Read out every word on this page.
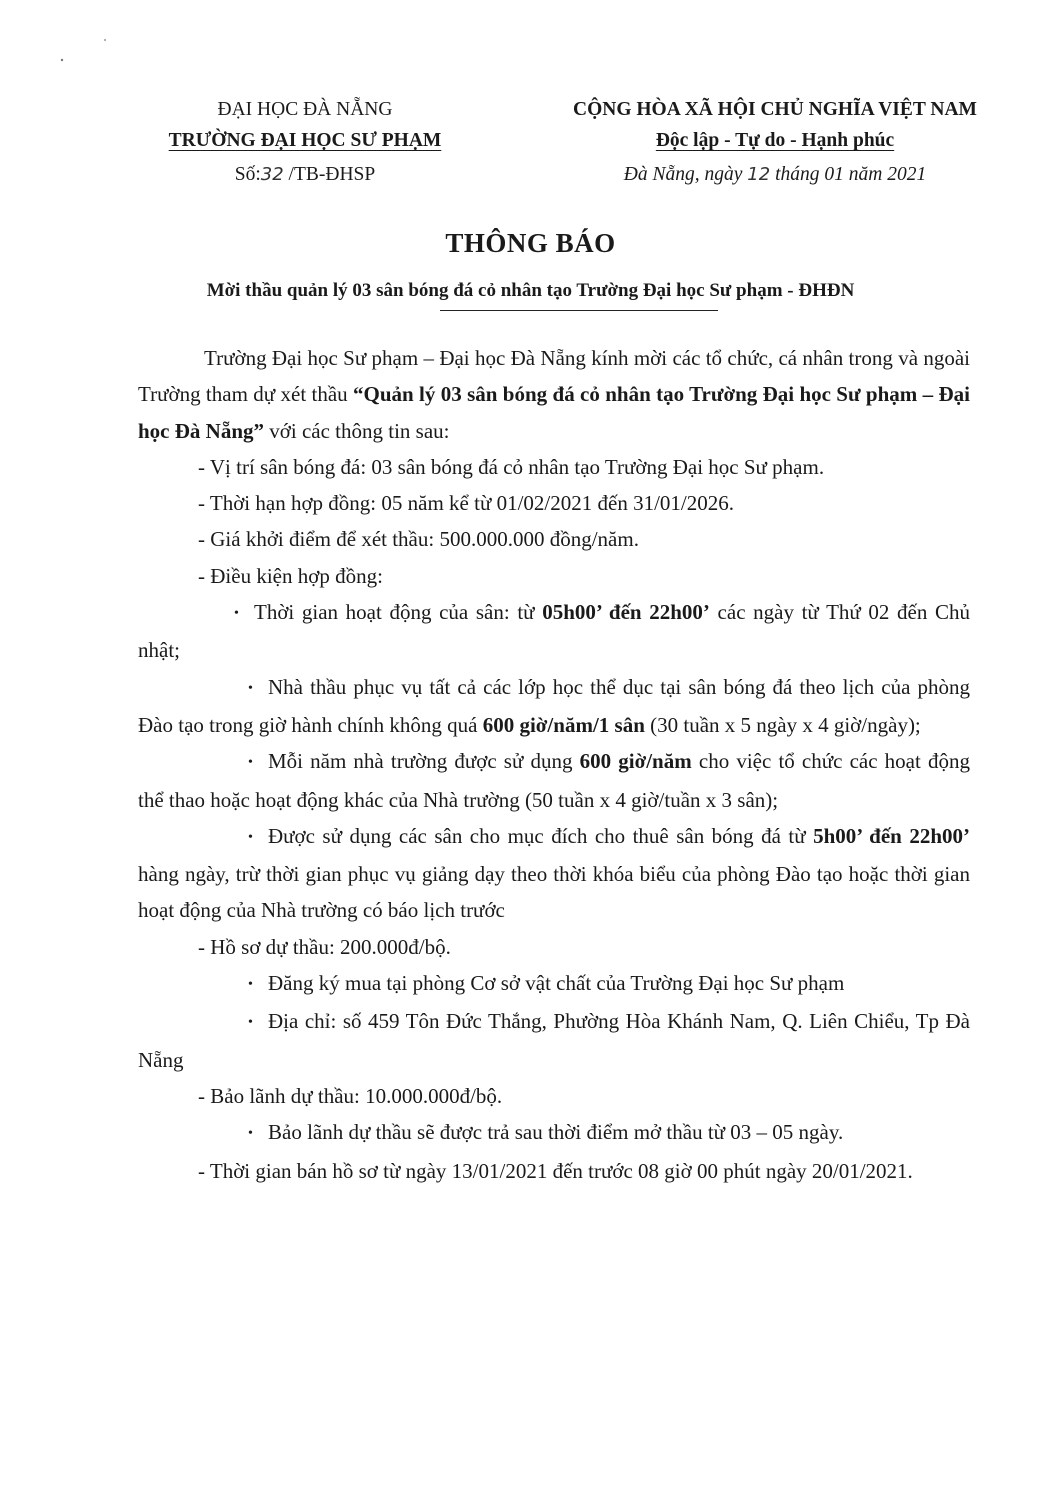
ĐẠI HỌC ĐÀ NẴNG
TRƯỜNG ĐẠI HỌC SƯ PHẠM
Số:32 /TB-ĐHSP
CỘNG HÒA XÃ HỘI CHỦ NGHĨA VIỆT NAM
Độc lập - Tự do - Hạnh phúc
Đà Nẵng, ngày 12 tháng 01 năm 2021
THÔNG BÁO
Mời thầu quản lý 03 sân bóng đá cỏ nhân tạo Trường Đại học Sư phạm - ĐHĐN

Trường Đại học Sư phạm – Đại học Đà Nẵng kính mời các tổ chức, cá nhân trong và ngoài Trường tham dự xét thầu “Quản lý 03 sân bóng đá cỏ nhân tạo Trường Đại học Sư phạm – Đại học Đà Nẵng” với các thông tin sau:

- Vị trí sân bóng đá: 03 sân bóng đá cỏ nhân tạo Trường Đại học Sư phạm.

- Thời hạn hợp đồng: 05 năm kể từ 01/02/2021 đến 31/01/2026.

- Giá khởi điểm để xét thầu: 500.000.000 đồng/năm.

- Điều kiện hợp đồng:

• Thời gian hoạt động của sân: từ 05h00’ đến 22h00’ các ngày từ Thứ 02 đến Chủ nhật;

• Nhà thầu phục vụ tất cả các lớp học thể dục tại sân bóng đá theo lịch của phòng Đào tạo trong giờ hành chính không quá 600 giờ/năm/1 sân (30 tuần x 5 ngày x 4 giờ/ngày);

• Mỗi năm nhà trường được sử dụng 600 giờ/năm cho việc tổ chức các hoạt động thể thao hoặc hoạt động khác của Nhà trường (50 tuần x 4 giờ/tuần x 3 sân);

• Được sử dụng các sân cho mục đích cho thuê sân bóng đá từ 5h00’ đến 22h00’ hàng ngày, trừ thời gian phục vụ giảng dạy theo thời khóa biểu của phòng Đào tạo hoặc thời gian hoạt động của Nhà trường có báo lịch trước

- Hồ sơ dự thầu: 200.000đ/bộ.

• Đăng ký mua tại phòng Cơ sở vật chất của Trường Đại học Sư phạm

• Địa chỉ: số 459 Tôn Đức Thắng, Phường Hòa Khánh Nam, Q. Liên Chiểu, Tp Đà Nẵng

- Bảo lãnh dự thầu: 10.000.000đ/bộ.

• Bảo lãnh dự thầu sẽ được trả sau thời điểm mở thầu từ 03 – 05 ngày.

- Thời gian bán hồ sơ từ ngày 13/01/2021 đến trước 08 giờ 00 phút ngày 20/01/2021.
